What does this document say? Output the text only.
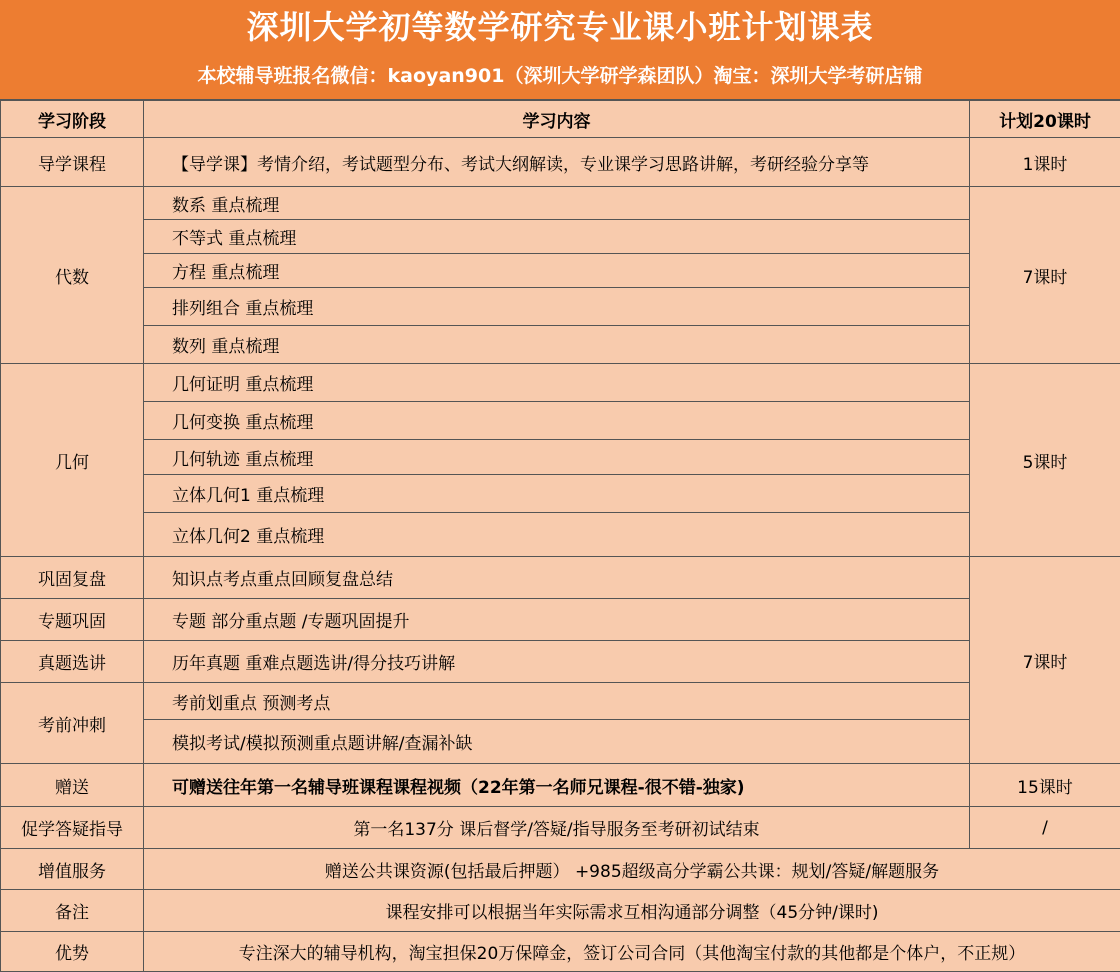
深圳大学初等数学研究专业课小班计划课表
本校辅导班报名微信：kaoyan901（深圳大学研学森团队）淘宝：深圳大学考研店铺
学习阶段	学习内容	计划20课时
导学课程	【导学课】考情介绍，考试题型分布、考试大纲解读，专业课学习思路讲解，考研经验分享等	1课时
代数	数系 重点梳理	7课时
	不等式 重点梳理	
	方程 重点梳理	
	排列组合 重点梳理	
	数列 重点梳理	
几何	几何证明 重点梳理	5课时
	几何变换 重点梳理	
	几何轨迹 重点梳理	
	立体几何1 重点梳理	
	立体几何2 重点梳理	
巩固复盘	知识点考点重点回顾复盘总结	7课时
专题巩固	专题 部分重点题 /专题巩固提升	
真题选讲	历年真题 重难点题选讲/得分技巧讲解	
考前冲刺	考前划重点 预测考点	
	模拟考试/模拟预测重点题讲解/查漏补缺	
赠送	可赠送往年第一名辅导班课程课程视频（22年第一名师兄课程-很不错-独家)	15课时
促学答疑指导	第一名137分 课后督学/答疑/指导服务至考研初试结束	/
增值服务	赠送公共课资源(包括最后押题） +985超级高分学霸公共课：规划/答疑/解题服务	
备注	课程安排可以根据当年实际需求互相沟通部分调整（45分钟/课时)	
优势	专注深大的辅导机构，淘宝担保20万保障金，签订公司合同（其他淘宝付款的其他都是个体户，不正规）	
